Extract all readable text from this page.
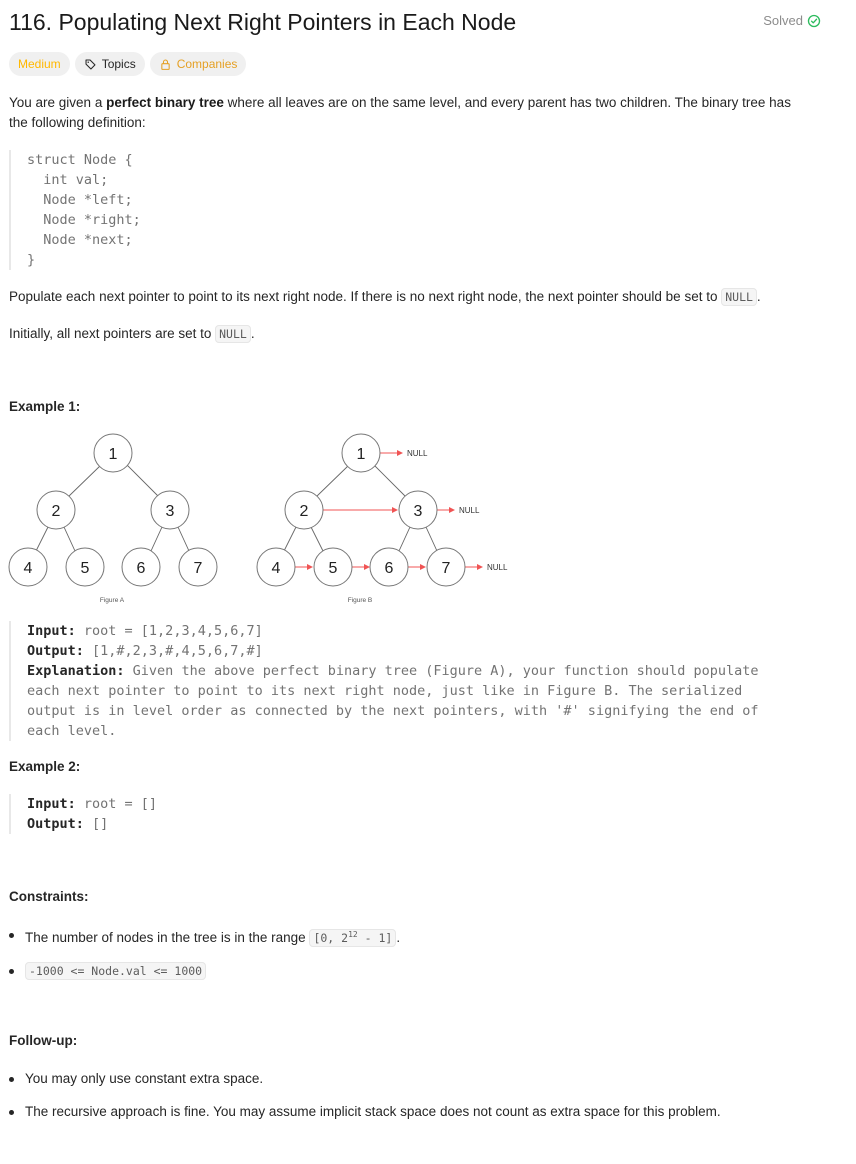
116. Populating Next Right Pointers in Each Node	Solved
Medium	Topics	Companies
You are given a perfect binary tree where all leaves are on the same level, and every parent has two children. The binary tree has the following definition:
struct Node {
int val;
Node *left;
Node *right;
Node *next;
}
Populate each next pointer to point to its next right node. If there is no next right node, the next pointer should be set to NULL .
Initially, all next pointers are set to NULL .
Example 1:
1
2	3
4	5	6	7
Figure A
1
2	3
4	5	6	7
NULL
NULL
NULL
Figure B
Input: root = [1,2,3,4,5,6,7]
Output: [1,#,2,3,#,4,5,6,7,#]
Explanation: Given the above perfect binary tree (Figure A), your function should populate
each next pointer to point to its next right node, just like in Figure B. The serialized
output is in level order as connected by the next pointers, with '#' signifying the end of
each level.
Example 2:
Input: root = []
Output: []
Constraints:
The number of nodes in the tree is in the range [0, $2^{12} - 1$] .
-1000 <= Node.val <= 1000
Follow-up:
You may only use constant extra space.
The recursive approach is fine. You may assume implicit stack space does not count as extra space for this problem.
